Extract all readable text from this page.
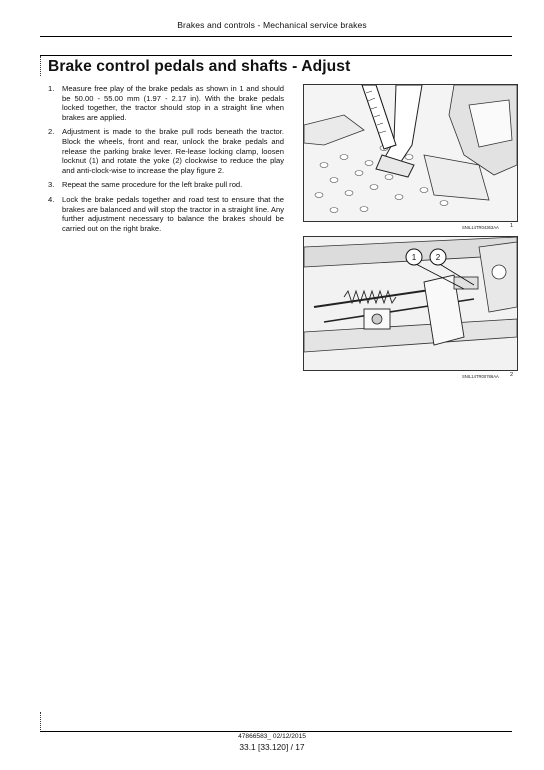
Brakes and controls - Mechanical service brakes
Brake control pedals and shafts - Adjust
1. Measure free play of the brake pedals as shown in 1 and should be 50.00 - 55.00 mm (1.97 - 2.17 in). With the brake pedals locked together, the tractor should stop in a straight line when brakes are applied.
2. Adjustment is made to the brake pull rods beneath the tractor. Block the wheels, front and rear, unlock the brake pedals and release the parking brake lever. Re-lease locking clamp, loosen locknut (1) and rotate the yoke (2) clockwise to reduce the play and anti-clock-wise to increase the play figure 2.
3. Repeat the same procedure for the left brake pull rod.
4. Lock the brake pedals together and road test to ensure that the brakes are balanced and will stop the tractor in a straight line. Any further adjustment necessary to balance the brakes should be carried out on the right brake.	SNIL14TR04363AA 1
1 2
SNIL14TR00786AA 2
47866583_ 02/12/2015
33.1 [33.120] / 17
